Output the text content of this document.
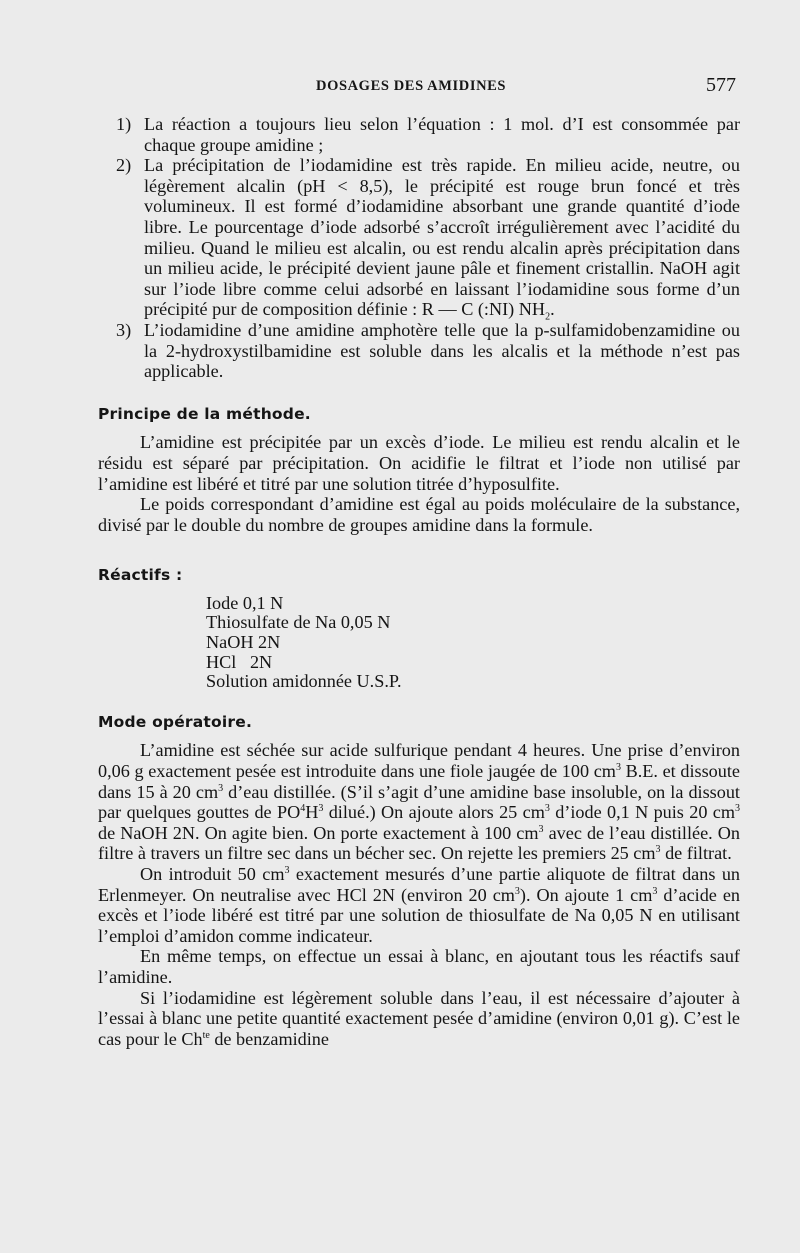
DOSAGES DES AMIDINES	577
1) La réaction a toujours lieu selon l’équation : 1 mol. d’I est consommée par chaque groupe amidine ;
2) La précipitation de l’iodamidine est très rapide. En milieu acide, neutre, ou légèrement alcalin (pH < 8,5), le précipité est rouge brun foncé et très volumineux. Il est formé d’iodamidine absorbant une grande quantité d’iode libre. Le pourcentage d’iode adsorbé s’accroît irrégulièrement avec l’acidité du milieu. Quand le milieu est alcalin, ou est rendu alcalin après précipitation dans un milieu acide, le précipité devient jaune pâle et finement cristallin. NaOH agit sur l’iode libre comme celui adsorbé en laissant l’iodamidine sous forme d’un précipité pur de composition définie : R — C (:NI) $NH_2$.
3) L’iodamidine d’une amidine amphotère telle que la p-sulfamidobenzamidine ou la 2-hydroxystilbamidine est soluble dans les alcalis et la méthode n’est pas applicable.
Principe de la méthode.

L’amidine est précipitée par un excès d’iode. Le milieu est rendu alcalin et le résidu est séparé par précipitation. On acidifie le filtrat et l’iode non utilisé par l’amidine est libéré et titré par une solution titrée d’hyposulfite.

Le poids correspondant d’amidine est égal au poids moléculaire de la substance, divisé par le double du nombre de groupes amidine dans la formule.

Réactifs :
Iode 0,1 N
Thiosulfate de Na 0,05 N
NaOH 2N
HCl   2N
Solution amidonnée U.S.P.
Mode opératoire.

L’amidine est séchée sur acide sulfurique pendant 4 heures. Une prise d’environ 0,06 g exactement pesée est introduite dans une fiole jaugée de 100 $cm^3$ B.E. et dissoute dans 15 à 20 $cm^3$ d’eau distillée. (S’il s’agit d’une amidine base insoluble, on la dissout par quelques gouttes de $PO^4H^3$ dilué.) On ajoute alors 25 $cm^3$ d’iode 0,1 N puis 20 $cm^3$ de NaOH 2N. On agite bien. On porte exactement à 100 $cm^3$ avec de l’eau distillée. On filtre à travers un filtre sec dans un bécher sec. On rejette les premiers 25 $cm^3$ de filtrat.

On introduit 50 $cm^3$ exactement mesurés d’une partie aliquote de filtrat dans un Erlenmeyer. On neutralise avec HCl 2N (environ 20 $cm^3$). On ajoute 1 $cm^3$ d’acide en excès et l’iode libéré est titré par une solution de thiosulfate de Na 0,05 N en utilisant l’emploi d’amidon comme indicateur.

En même temps, on effectue un essai à blanc, en ajoutant tous les réactifs sauf l’amidine.

Si l’iodamidine est légèrement soluble dans l’eau, il est nécessaire d’ajouter à l’essai à blanc une petite quantité exactement pesée d’amidine (environ 0,01 g). C’est le cas pour le $Ch^{te}$ de benzamidine
